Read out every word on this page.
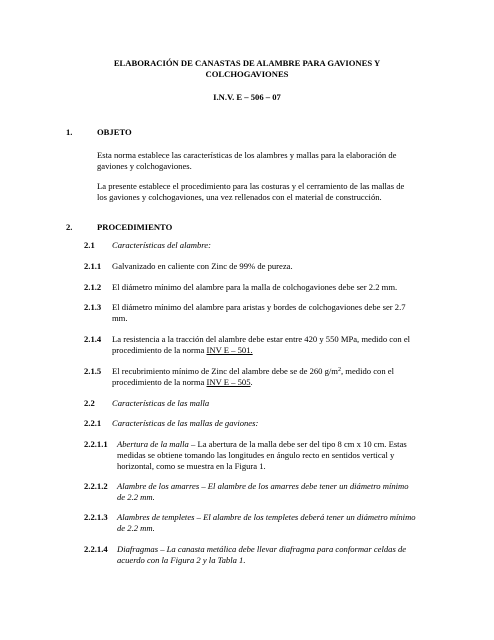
ELABORACIÓN DE CANASTAS DE ALAMBRE PARA GAVIONES Y
COLCHOGAVIONES
I.N.V. E – 506 – 07
1.	OBJETO
Esta norma establece las características de los alambres y mallas para la elaboración de
gaviones y colchogaviones.
La presente establece el procedimiento para las costuras y el cerramiento de las mallas de
los gaviones y colchogaviones, una vez rellenados con el material de construcción.
2.	PROCEDIMIENTO
2.1 Características del alambre:
2.1.1 Galvanizado en caliente con Zinc de 99% de pureza.
2.1.2 El diámetro mínimo del alambre para la malla de colchogaviones debe ser 2.2 mm.
2.1.3 El diámetro mínimo del alambre para aristas y bordes de colchogaviones debe ser 2.7
mm.
2.1.4 La resistencia a la tracción del alambre debe estar entre 420 y 550 MPa, medido con el
procedimiento de la norma INV E – 501.
2.1.5 El recubrimiento mínimo de Zinc del alambre debe se de 260 $g/m^2$, medido con el
procedimiento de la norma INV E – 505.
2.2 Características de las malla
2.2.1 Características de las mallas de gaviones:
2.2.1.1 Abertura de la malla – La abertura de la malla debe ser del tipo 8 cm x 10 cm. Estas
medidas se obtiene tomando las longitudes en ángulo recto en sentidos vertical y
horizontal, como se muestra en la Figura 1.
2.2.1.2 Alambre de los amarres – El alambre de los amarres debe tener un diámetro mínimo
de 2.2 mm.
2.2.1.3 Alambres de templetes – El alambre de los templetes deberá tener un diámetro mínimo
de 2.2 mm.
2.2.1.4 Diafragmas – La canasta metálica debe llevar diafragma para conformar celdas de
acuerdo con la Figura 2 y la Tabla 1.
